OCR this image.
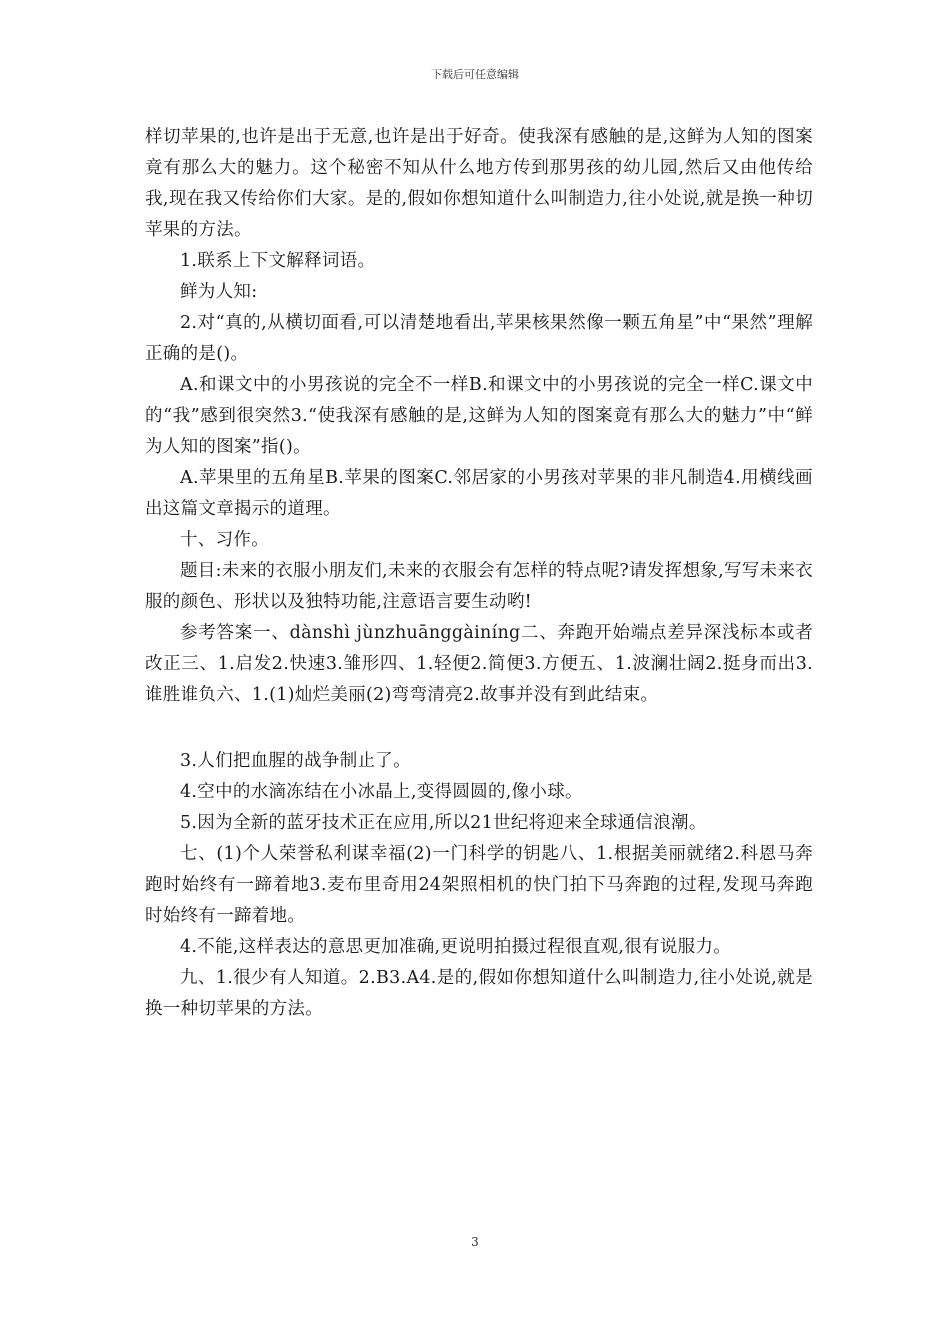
下载后可任意编辑

样切苹果的,也许是出于无意,也许是出于好奇。使我深有感触的是,这鲜为人知的图案竟有那么大的魅力。这个秘密不知从什么地方传到那男孩的幼儿园,然后又由他传给我,现在我又传给你们大家。是的,假如你想知道什么叫制造力,往小处说,就是换一种切苹果的方法。

1.联系上下文解释词语。

鲜为人知:

2.对“真的,从横切面看,可以清楚地看出,苹果核果然像一颗五角星”中“果然”理解正确的是()。

A.和课文中的小男孩说的完全不一样B.和课文中的小男孩说的完全一样C.课文中的“我”感到很突然3.“使我深有感触的是,这鲜为人知的图案竟有那么大的魅力”中“鲜为人知的图案”指()。

A.苹果里的五角星B.苹果的图案C.邻居家的小男孩对苹果的非凡制造4.用横线画出这篇文章揭示的道理。

十、习作。

题目:未来的衣服小朋友们,未来的衣服会有怎样的特点呢?请发挥想象,写写未来衣服的颜色、形状以及独特功能,注意语言要生动哟!

参考答案一、dànshì jùnzhuānggàiníng二、奔跑开始端点差异深浅标本或者改正三、1.启发2.快速3.雏形四、1.轻便2.简便3.方便五、1.波澜壮阔2.挺身而出3.谁胜谁负六、1.(1)灿烂美丽(2)弯弯清亮2.故事并没有到此结束。

3.人们把血腥的战争制止了。

4.空中的水滴冻结在小冰晶上,变得圆圆的,像小球。

5.因为全新的蓝牙技术正在应用,所以21世纪将迎来全球通信浪潮。

七、(1)个人荣誉私利谋幸福(2)一门科学的钥匙八、1.根据美丽就绪2.科恩马奔跑时始终有一蹄着地3.麦布里奇用24架照相机的快门拍下马奔跑的过程,发现马奔跑时始终有一蹄着地。

4.不能,这样表达的意思更加准确,更说明拍摄过程很直观,很有说服力。

九、1.很少有人知道。2.B3.A4.是的,假如你想知道什么叫制造力,往小处说,就是换一种切苹果的方法。

3
